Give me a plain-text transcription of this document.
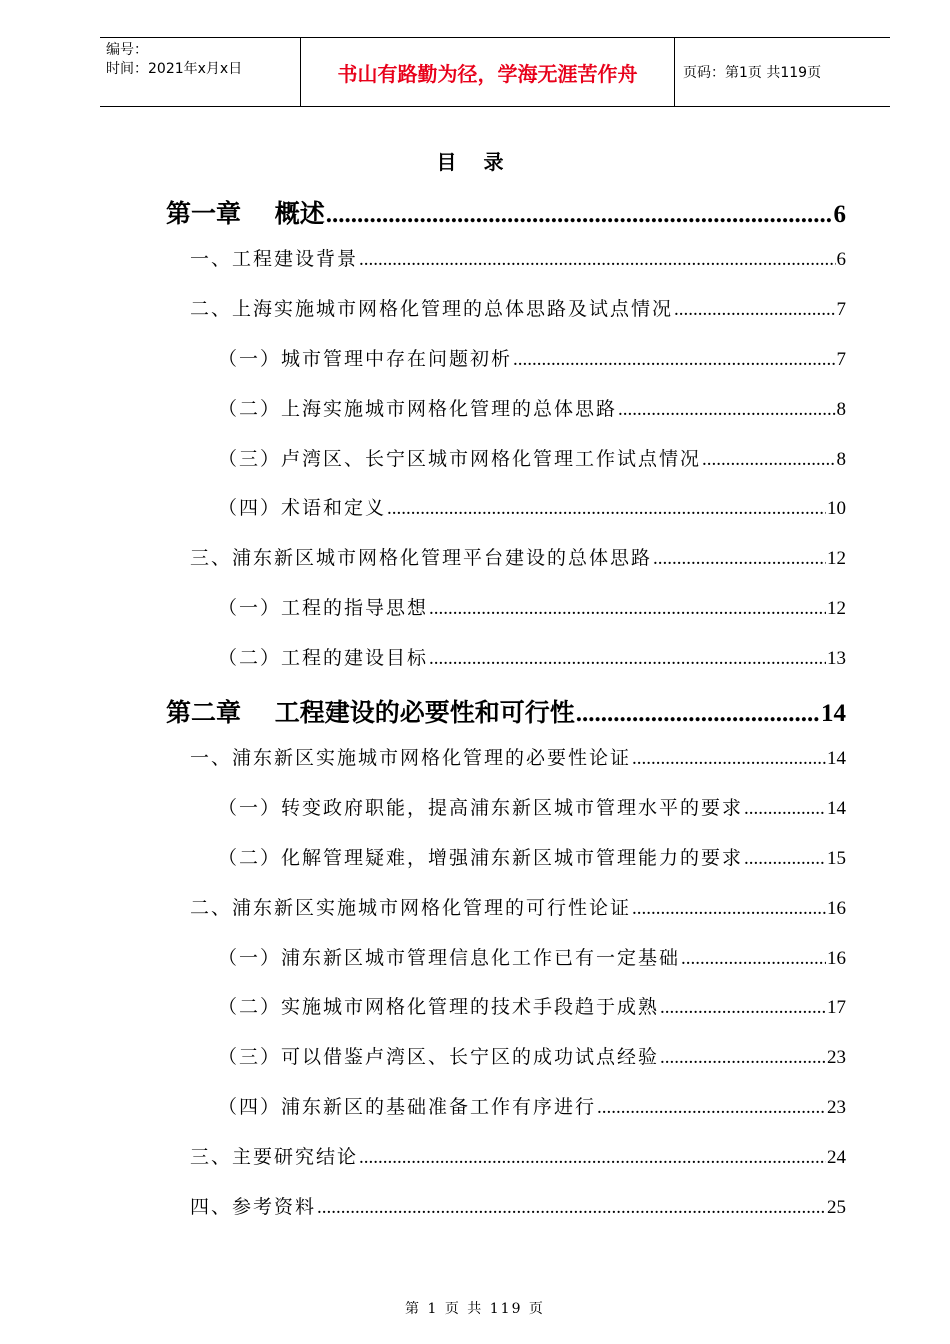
编号：
时间：2021年x月x日	书山有路勤为径，学海无涯苦作舟	页码：第1页 共119页
目 录
第一章　 概述 .....	6
一、工程建设背景 .....	6
二、上海实施城市网格化管理的总体思路及试点情况 .....	7
（一）城市管理中存在问题初析 .....	7
（二）上海实施城市网格化管理的总体思路 .....	8
（三）卢湾区、长宁区城市网格化管理工作试点情况 .....	8
（四）术语和定义 .....	10
三、浦东新区城市网格化管理平台建设的总体思路 .....	12
（一）工程的指导思想 .....	12
（二）工程的建设目标 .....	13
第二章　 工程建设的必要性和可行性 .....	14
一、浦东新区实施城市网格化管理的必要性论证 .....	14
（一）转变政府职能，提高浦东新区城市管理水平的要求 .....	14
（二）化解管理疑难，增强浦东新区城市管理能力的要求 .....	15
二、浦东新区实施城市网格化管理的可行性论证 .....	16
（一）浦东新区城市管理信息化工作已有一定基础 .....	16
（二）实施城市网格化管理的技术手段趋于成熟 .....	17
（三）可以借鉴卢湾区、长宁区的成功试点经验 .....	23
（四）浦东新区的基础准备工作有序进行 .....	23
三、主要研究结论 .....	24
四、参考资料 .....	25
第 1 页 共 119 页
